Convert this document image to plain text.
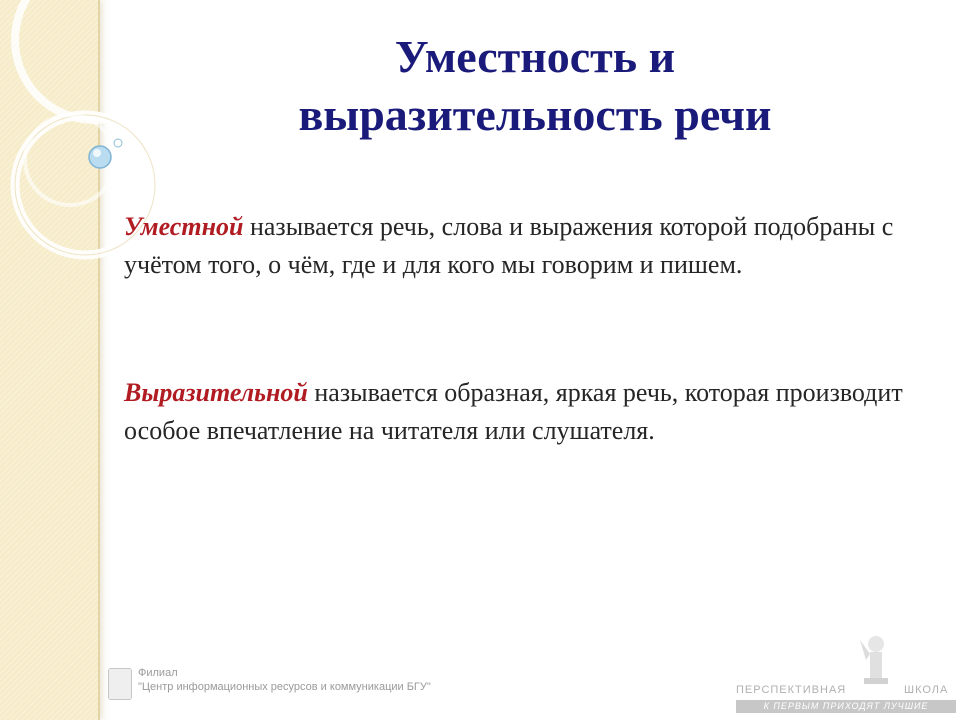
Уместность и
выразительность речи

Уместной называется речь, слова и выражения которой подобраны с учётом того, о чём, где и для кого мы говорим и пишем.

Выразительной называется образная, яркая речь, которая производит особое впечатление на читателя или слушателя.

Филиал
"Центр информационных ресурсов и коммуникации БГУ"	ПЕРСПЕКТИВНАЯ	ШКОЛА
К ПЕРВЫМ ПРИХОДЯТ ЛУЧШИЕ
